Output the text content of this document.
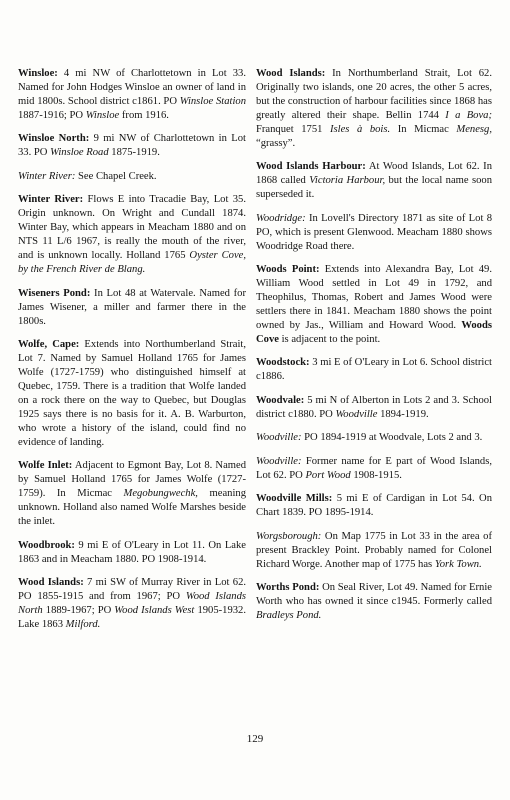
Winsloe: 4 mi NW of Charlottetown in Lot 33. Named for John Hodges Winsloe an owner of land in mid 1800s. School district c1861. PO Winsloe Station 1887-1916; PO Winsloe from 1916.

Winsloe North: 9 mi NW of Charlottetown in Lot 33. PO Winsloe Road 1875-1919.

Winter River: See Chapel Creek.

Winter River: Flows E into Tracadie Bay, Lot 35. Origin unknown. On Wright and Cundall 1874. Winter Bay, which appears in Meacham 1880 and on NTS 11 L/6 1967, is really the mouth of the river, and is unknown locally. Holland 1765 Oyster Cove, by the French River de Blang.

Wiseners Pond: In Lot 48 at Watervale. Named for James Wisener, a miller and farmer there in the 1800s.

Wolfe, Cape: Extends into Northumberland Strait, Lot 7. Named by Samuel Holland 1765 for James Wolfe (1727-1759) who distinguished himself at Quebec, 1759. There is a tradition that Wolfe landed on a rock there on the way to Quebec, but Douglas 1925 says there is no basis for it. A. B. Warburton, who wrote a history of the island, could find no evidence of landing.

Wolfe Inlet: Adjacent to Egmont Bay, Lot 8. Named by Samuel Holland 1765 for James Wolfe (1727-1759). In Micmac Megobungwechk, meaning unknown. Holland also named Wolfe Marshes beside the inlet.

Woodbrook: 9 mi E of O'Leary in Lot 11. On Lake 1863 and in Meacham 1880. PO 1908-1914.

Wood Islands: 7 mi SW of Murray River in Lot 62. PO 1855-1915 and from 1967; PO Wood Islands North 1889-1967; PO Wood Islands West 1905-1932. Lake 1863 Milford.

Wood Islands: In Northumberland Strait, Lot 62. Originally two islands, one 20 acres, the other 5 acres, but the construction of harbour facilities since 1868 has greatly altered their shape. Bellin 1744 I a Bova; Franquet 1751 Isles à bois. In Micmac Menesg, “grassy”.

Wood Islands Harbour: At Wood Islands, Lot 62. In 1868 called Victoria Harbour, but the local name soon superseded it.

Woodridge: In Lovell's Directory 1871 as site of Lot 8 PO, which is present Glenwood. Meacham 1880 shows Woodridge Road there.

Woods Point: Extends into Alexandra Bay, Lot 49. William Wood settled in Lot 49 in 1792, and Theophilus, Thomas, Robert and James Wood were settlers there in 1841. Meacham 1880 shows the point owned by Jas., William and Howard Wood. Woods Cove is adjacent to the point.

Woodstock: 3 mi E of O'Leary in Lot 6. School district c1886.

Woodvale: 5 mi N of Alberton in Lots 2 and 3. School district c1880. PO Woodville 1894-1919.

Woodville: PO 1894-1919 at Woodvale, Lots 2 and 3.

Woodville: Former name for E part of Wood Islands, Lot 62. PO Port Wood 1908-1915.

Woodville Mills: 5 mi E of Cardigan in Lot 54. On Chart 1839. PO 1895-1914.

Worgsborough: On Map 1775 in Lot 33 in the area of present Brackley Point. Probably named for Colonel Richard Worge. Another map of 1775 has York Town.

Worths Pond: On Seal River, Lot 49. Named for Ernie Worth who has owned it since c1945. Formerly called Bradleys Pond.

129
